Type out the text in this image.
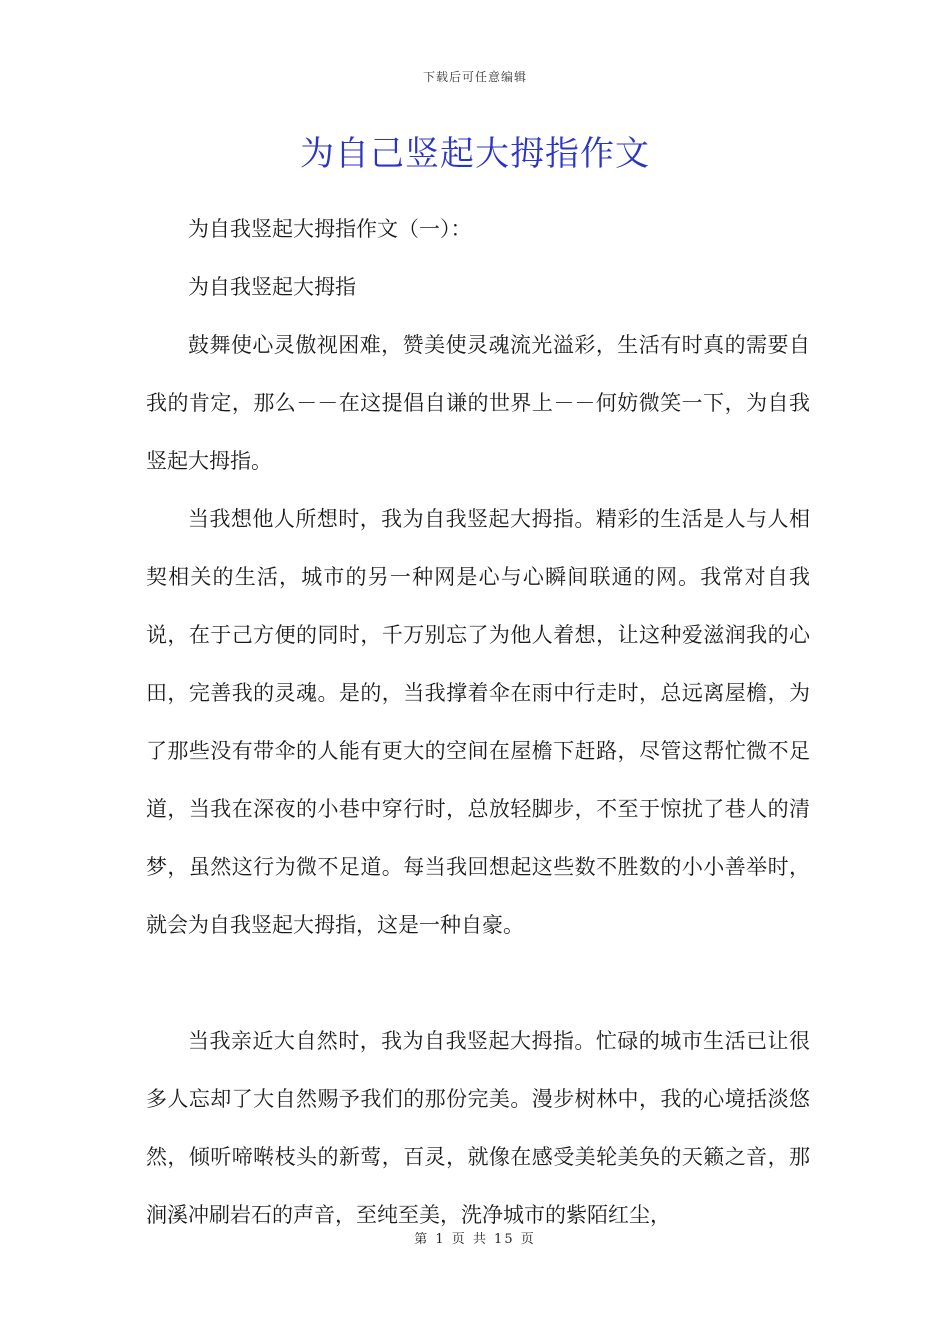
下载后可任意编辑
为自己竖起大拇指作文

为自我竖起大拇指作文（一）：

为自我竖起大拇指

鼓舞使心灵傲视困难，赞美使灵魂流光溢彩，生活有时真的需要自我的肯定，那么－－在这提倡自谦的世界上－－何妨微笑一下，为自我竖起大拇指。

当我想他人所想时，我为自我竖起大拇指。精彩的生活是人与人相契相关的生活，城市的另一种网是心与心瞬间联通的网。我常对自我说，在于己方便的同时，千万别忘了为他人着想，让这种爱滋润我的心田，完善我的灵魂。是的，当我撑着伞在雨中行走时，总远离屋檐，为了那些没有带伞的人能有更大的空间在屋檐下赶路，尽管这帮忙微不足道，当我在深夜的小巷中穿行时，总放轻脚步，不至于惊扰了巷人的清梦，虽然这行为微不足道。每当我回想起这些数不胜数的小小善举时，就会为自我竖起大拇指，这是一种自豪。

当我亲近大自然时，我为自我竖起大拇指。忙碌的城市生活已让很多人忘却了大自然赐予我们的那份完美。漫步树林中，我的心境括淡悠然，倾听啼啭枝头的新莺，百灵，就像在感受美轮美奂的天籁之音，那涧溪冲刷岩石的声音，至纯至美，洗净城市的紫陌红尘，

第 1 页 共 15 页
